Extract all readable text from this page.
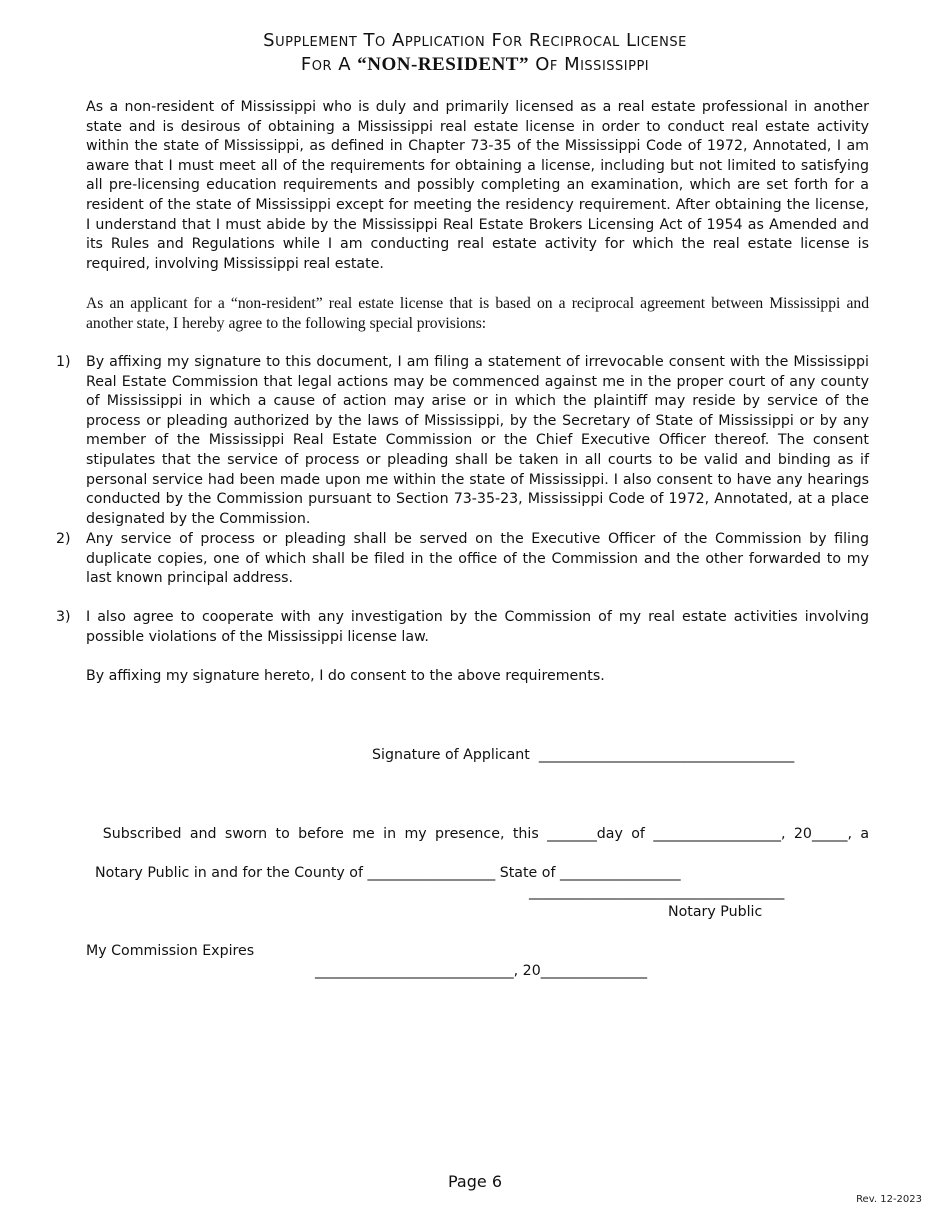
Supplement To Application For Reciprocal License
For A “NON-RESIDENT” Of Mississippi
As a non-resident of Mississippi who is duly and primarily licensed as a real estate professional in another state and is desirous of obtaining a Mississippi real estate license in order to conduct real estate activity within the state of Mississippi, as defined in Chapter 73-35 of the Mississippi Code of 1972, Annotated, I am aware that I must meet all of the requirements for obtaining a license, including but not limited to satisfying all pre-licensing education requirements and possibly completing an examination, which are set forth for a resident of the state of Mississippi except for meeting the residency requirement. After obtaining the license, I understand that I must abide by the Mississippi Real Estate Brokers Licensing Act of 1954 as Amended and its Rules and Regulations while I am conducting real estate activity for which the real estate license is required, involving Mississippi real estate.
As an applicant for a “non-resident” real estate license that is based on a reciprocal agreement between Mississippi and another state, I hereby agree to the following special provisions:
1)	By affixing my signature to this document, I am filing a statement of irrevocable consent with the Mississippi Real Estate Commission that legal actions may be commenced against me in the proper court of any county of Mississippi in which a cause of action may arise or in which the plaintiff may reside by service of the process or pleading authorized by the laws of Mississippi, by the Secretary of State of Mississippi or by any member of the Mississippi Real Estate Commission or the Chief Executive Officer thereof. The consent stipulates that the service of process or pleading shall be taken in all courts to be valid and binding as if personal service had been made upon me within the state of Mississippi. I also consent to have any hearings conducted by the Commission pursuant to Section 73-35-23, Mississippi Code of 1972, Annotated, at a place designated by the Commission.
2)	Any service of process or pleading shall be served on the Executive Officer of the Commission by filing duplicate copies, one of which shall be filed in the office of the Commission and the other forwarded to my last known principal address.
3)	I also agree to cooperate with any investigation by the Commission of my real estate activities involving possible violations of the Mississippi license law.
By affixing my signature hereto, I do consent to the above requirements.

Signature of Applicant ____________________________________

Subscribed and sworn to before me in my presence, this _______day of __________________, 20_____, a

Notary Public in and for the County of __________________ State of _________________

____________________________________
Notary Public
My Commission Expires

____________________________, 20_______________

Page 6
Rev. 12-2023
